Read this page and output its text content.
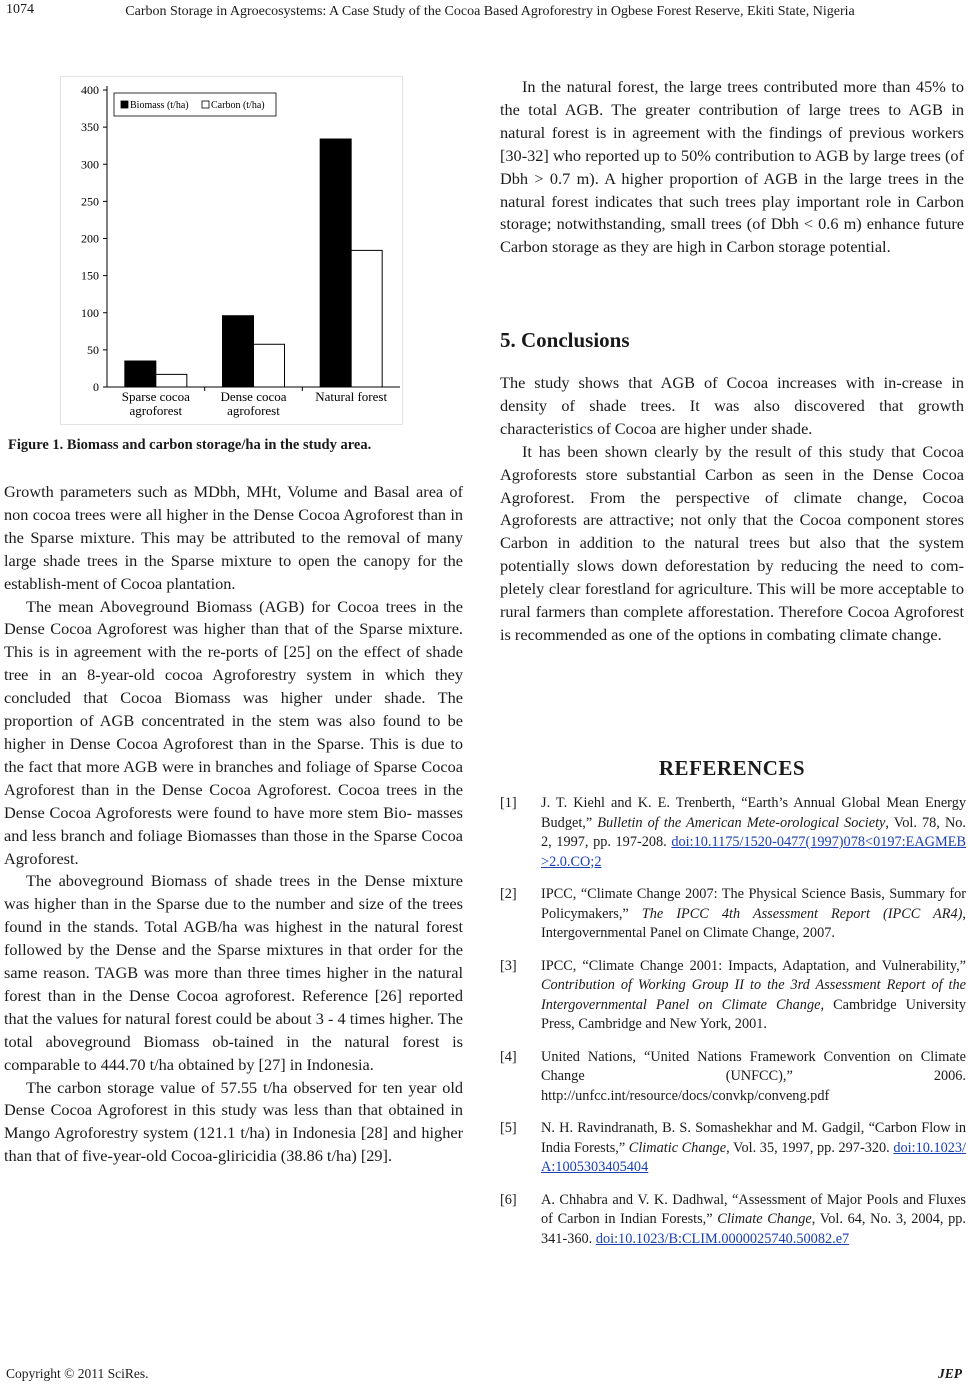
1074	Carbon Storage in Agroecosystems: A Case Study of the Cocoa Based Agroforestry in Ogbese Forest Reserve, Ekiti State, Nigeria
0
50
100
150
200
250
300
350
400
Sparse cocoa
agroforest
Dense cocoa
agroforest
Natural forest
Biomass (t/ha) Carbon (t/ha)
Figure 1. Biomass and carbon storage/ha in the study area.

Growth parameters such as MDbh, MHt, Volume and Basal area of non cocoa trees were all higher in the Dense Cocoa Agroforest than in the Sparse mixture. This may be attributed to the removal of many large shade trees in the Sparse mixture to open the canopy for the establish-ment of Cocoa plantation.

The mean Aboveground Biomass (AGB) for Cocoa trees in the Dense Cocoa Agroforest was higher than that of the Sparse mixture. This is in agreement with the re-ports of [25] on the effect of shade tree in an 8-year-old cocoa Agroforestry system in which they concluded that Cocoa Biomass was higher under shade. The proportion of AGB concentrated in the stem was also found to be higher in Dense Cocoa Agroforest than in the Sparse. This is due to the fact that more AGB were in branches and foliage of Sparse Cocoa Agroforest than in the Dense Cocoa Agroforest. Cocoa trees in the Dense Cocoa Agroforests were found to have more stem Bio- masses and less branch and foliage Biomasses than those in the Sparse Cocoa Agroforest.

The aboveground Biomass of shade trees in the Dense mixture was higher than in the Sparse due to the number and size of the trees found in the stands. Total AGB/ha was highest in the natural forest followed by the Dense and the Sparse mixtures in that order for the same reason. TAGB was more than three times higher in the natural forest than in the Dense Cocoa agroforest. Reference [26] reported that the values for natural forest could be about 3 - 4 times higher. The total aboveground Biomass ob-tained in the natural forest is comparable to 444.70 t/ha obtained by [27] in Indonesia.

The carbon storage value of 57.55 t/ha observed for ten year old Dense Cocoa Agroforest in this study was less than that obtained in Mango Agroforestry system (121.1 t/ha) in Indonesia [28] and higher than that of five-year-old Cocoa-gliricidia (38.86 t/ha) [29].

In the natural forest, the large trees contributed more than 45% to the total AGB. The greater contribution of large trees to AGB in natural forest is in agreement with the findings of previous workers [30-32] who reported up to 50% contribution to AGB by large trees (of Dbh > 0.7 m). A higher proportion of AGB in the large trees in the natural forest indicates that such trees play important role in Carbon storage; notwithstanding, small trees (of Dbh < 0.6 m) enhance future Carbon storage as they are high in Carbon storage potential.

5. Conclusions

The study shows that AGB of Cocoa increases with in-crease in density of shade trees. It was also discovered that growth characteristics of Cocoa are higher under shade.

It has been shown clearly by the result of this study that Cocoa Agroforests store substantial Carbon as seen in the Dense Cocoa Agroforest. From the perspective of climate change, Cocoa Agroforests are attractive; not only that the Cocoa component stores Carbon in addition to the natural trees but also that the system potentially slows down deforestation by reducing the need to com-pletely clear forestland for agriculture. This will be more acceptable to rural farmers than complete afforestation. Therefore Cocoa Agroforest is recommended as one of the options in combating climate change.

REFERENCES
[1]	J. T. Kiehl and K. E. Trenberth, “Earth’s Annual Global Mean Energy Budget,” Bulletin of the American Mete-orological Society, Vol. 78, No. 2, 1997, pp. 197-208. doi:10.1175/1520-0477(1997)078<0197:EAGMEB>2.0.CO;2
[2]	IPCC, “Climate Change 2007: The Physical Science Basis, Summary for Policymakers,” The IPCC 4th Assessment Report (IPCC AR4), Intergovernmental Panel on Climate Change, 2007.
[3]	IPCC, “Climate Change 2001: Impacts, Adaptation, and Vulnerability,” Contribution of Working Group II to the 3rd Assessment Report of the Intergovernmental Panel on Climate Change, Cambridge University Press, Cambridge and New York, 2001.
[4]	United Nations, “United Nations Framework Convention on Climate Change (UNFCC),” 2006. http://unfcc.int/resource/docs/convkp/conveng.pdf
[5]	N. H. Ravindranath, B. S. Somashekhar and M. Gadgil, “Carbon Flow in India Forests,” Climatic Change, Vol. 35, 1997, pp. 297-320. doi:10.1023/A:1005303405404
[6]	A. Chhabra and V. K. Dadhwal, “Assessment of Major Pools and Fluxes of Carbon in Indian Forests,” Climate Change, Vol. 64, No. 3, 2004, pp. 341-360. doi:10.1023/B:CLIM.0000025740.50082.e7
Copyright © 2011 SciRes.	JEP
